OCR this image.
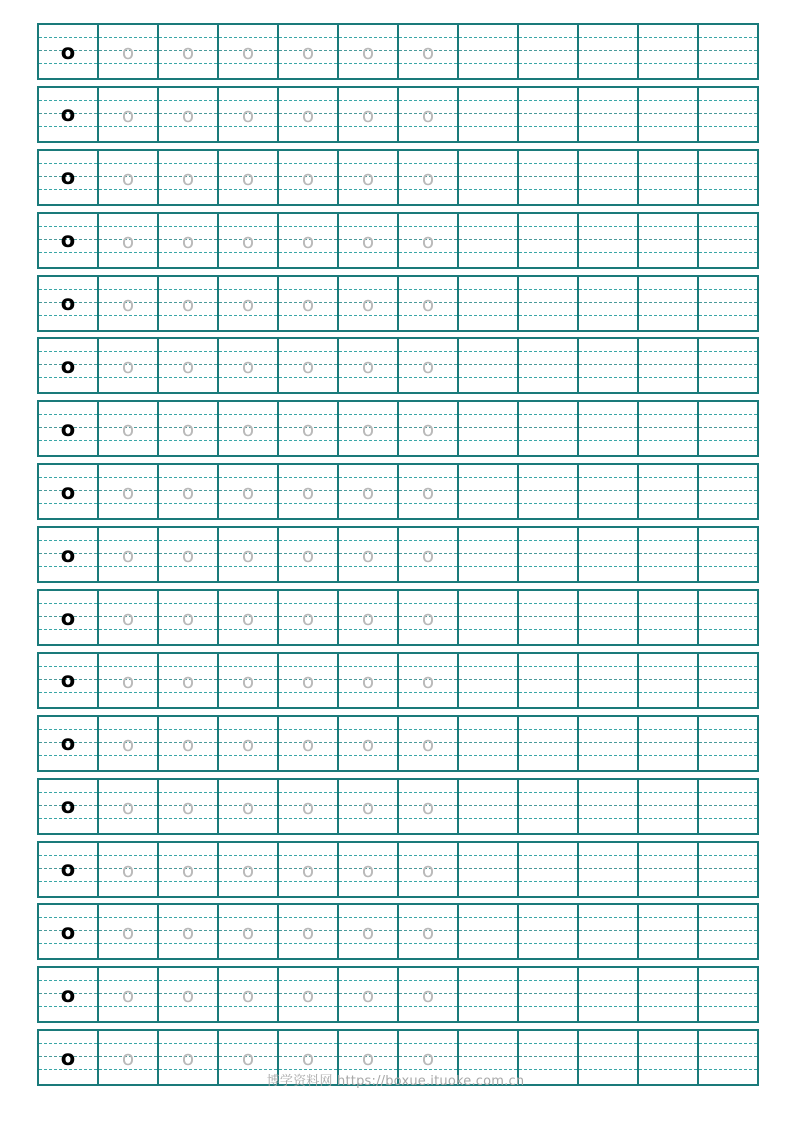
o o o o o o o
o o o o o o o
o o o o o o o
o o o o o o o
o o o o o o o
o o o o o o o
o o o o o o o
o o o o o o o
o o o o o o o
o o o o o o o
o o o o o o o
o o o o o o o
o o o o o o o
o o o o o o o
o o o o o o o
o o o o o o o
o o o o o o o
博学资料网 https://boxue.ituoke.com.cn
